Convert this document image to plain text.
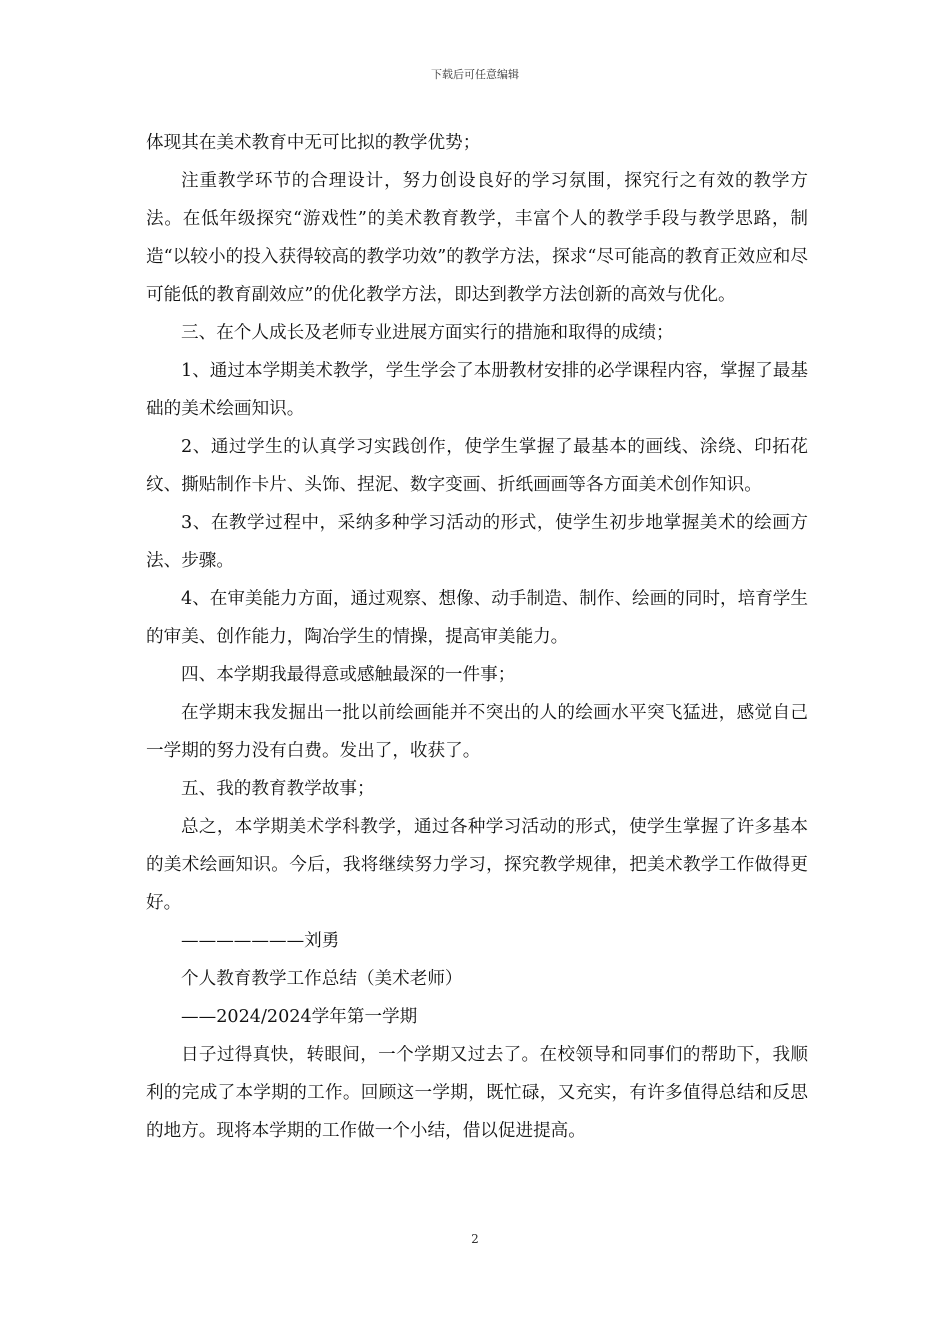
下载后可任意编辑

体现其在美术教育中无可比拟的教学优势；

注重教学环节的合理设计，努力创设良好的学习氛围，探究行之有效的教学方法。在低年级探究“游戏性”的美术教育教学，丰富个人的教学手段与教学思路，制造“以较小的投入获得较高的教学功效”的教学方法，探求“尽可能高的教育正效应和尽可能低的教育副效应”的优化教学方法，即达到教学方法创新的高效与优化。

三、在个人成长及老师专业进展方面实行的措施和取得的成绩；

1、通过本学期美术教学，学生学会了本册教材安排的必学课程内容，掌握了最基础的美术绘画知识。

2、通过学生的认真学习实践创作，使学生掌握了最基本的画线、涂绕、印拓花纹、撕贴制作卡片、头饰、捏泥、数字变画、折纸画画等各方面美术创作知识。

3、在教学过程中，采纳多种学习活动的形式，使学生初步地掌握美术的绘画方法、步骤。

4、在审美能力方面，通过观察、想像、动手制造、制作、绘画的同时，培育学生的审美、创作能力，陶冶学生的情操，提高审美能力。

四、本学期我最得意或感触最深的一件事；

在学期末我发掘出一批以前绘画能并不突出的人的绘画水平突飞猛进，感觉自己一学期的努力没有白费。发出了，收获了。

五、我的教育教学故事；

总之，本学期美术学科教学，通过各种学习活动的形式，使学生掌握了许多基本的美术绘画知识。今后，我将继续努力学习，探究教学规律，把美术教学工作做得更好。

———————刘勇

个人教育教学工作总结（美术老师）

——2024/2024学年第一学期

日子过得真快，转眼间，一个学期又过去了。在校领导和同事们的帮助下，我顺利的完成了本学期的工作。回顾这一学期，既忙碌，又充实，有许多值得总结和反思的地方。现将本学期的工作做一个小结，借以促进提高。

2
